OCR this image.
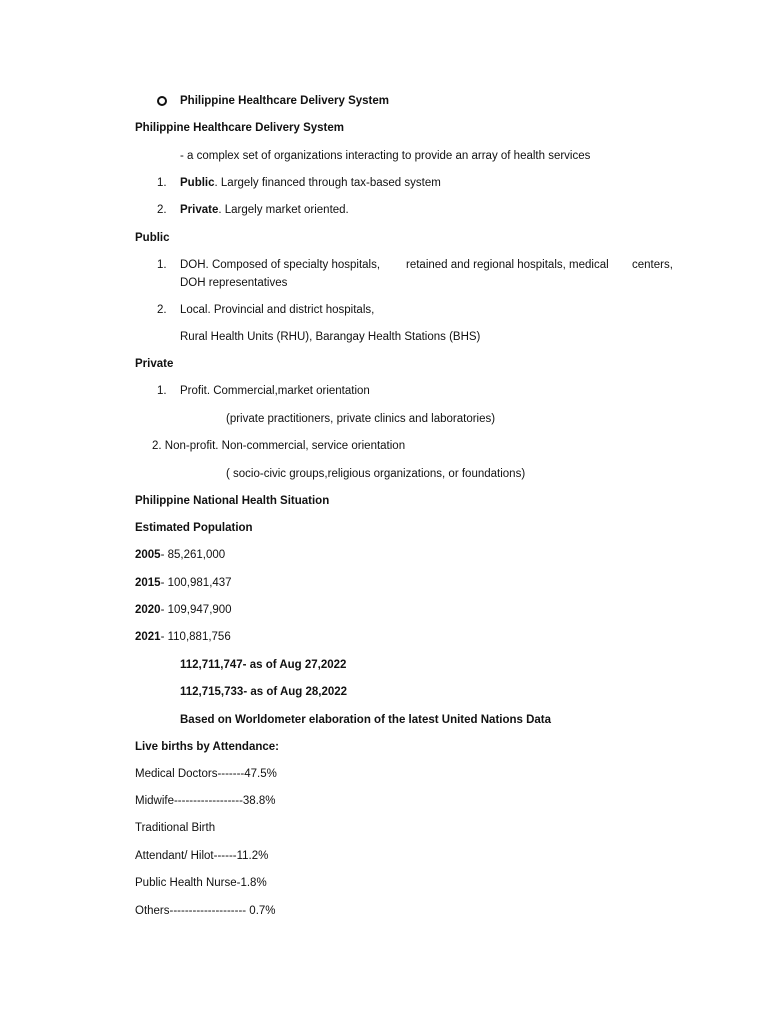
Philippine Healthcare Delivery System
Philippine Healthcare Delivery System
- a complex set of organizations interacting to provide an array of health services
1. Public. Largely financed through tax-based system
2. Private. Largely market oriented.
Public
1. DOH. Composed of specialty hospitals, retained and regional hospitals, medical centers,
DOH representatives
2. Local. Provincial and district hospitals,
Rural Health Units (RHU), Barangay Health Stations (BHS)
Private
1. Profit. Commercial,market orientation
(private practitioners, private clinics and laboratories)
2. Non-profit. Non-commercial, service orientation
( socio-civic groups,religious organizations, or foundations)
Philippine National Health Situation
Estimated Population
2005- 85,261,000
2015- 100,981,437
2020- 109,947,900
2021- 110,881,756
112,711,747- as of Aug 27,2022
112,715,733- as of Aug 28,2022
Based on Worldometer elaboration of the latest United Nations Data
Live births by Attendance:
Medical Doctors-------47.5%
Midwife------------------38.8%
Traditional Birth
Attendant/ Hilot------11.2%
Public Health Nurse-1.8%
Others-------------------- 0.7%
